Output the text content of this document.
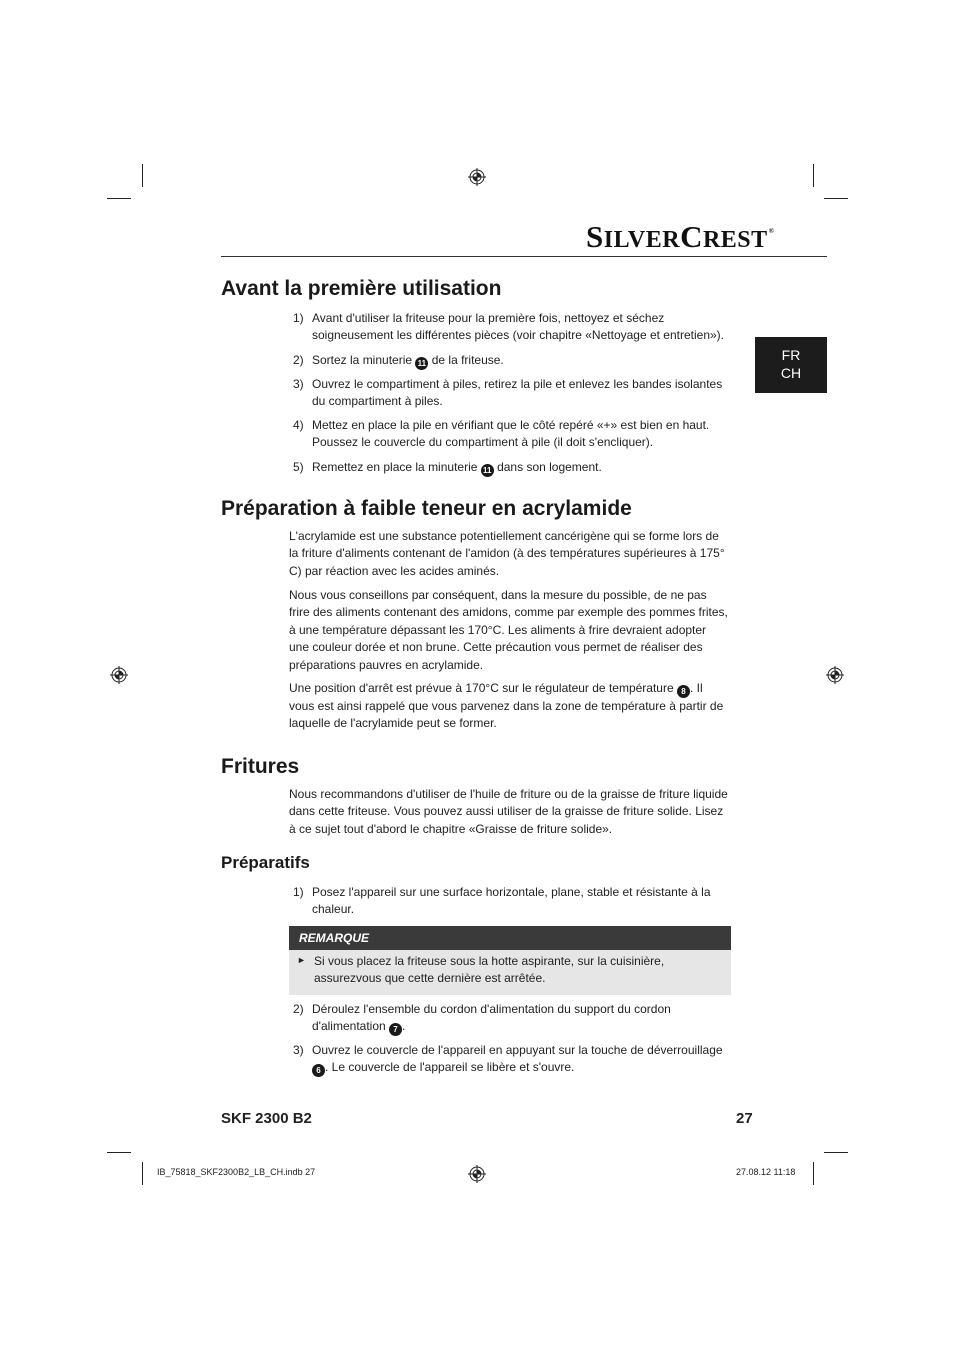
SILVERCREST®
FR
CH
Avant la première utilisation
1) Avant d'utiliser la friteuse pour la première fois, nettoyez et séchez soigneusement les différentes pièces (voir chapitre «Nettoyage et entretien»).
2) Sortez la minuterie 11 de la friteuse.
3) Ouvrez le compartiment à piles, retirez la pile et enlevez les bandes isolantes du compartiment à piles.
4) Mettez en place la pile en vérifiant que le côté repéré «+» est bien en haut. Poussez le couvercle du compartiment à pile (il doit s'encliquer).
5) Remettez en place la minuterie 11 dans son logement.
Préparation à faible teneur en acrylamide
L'acrylamide est une substance potentiellement cancérigène qui se forme lors de la friture d'aliments contenant de l'amidon (à des températures supérieures à 175° C) par réaction avec les acides aminés.
Nous vous conseillons par conséquent, dans la mesure du possible, de ne pas frire des aliments contenant des amidons, comme par exemple des pommes frites, à une température dépassant les 170°C. Les aliments à frire devraient adopter une couleur dorée et non brune. Cette précaution vous permet de réaliser des préparations pauvres en acrylamide.
Une position d'arrêt est prévue à 170°C sur le régulateur de température 8 . Il vous est ainsi rappelé que vous parvenez dans la zone de température à partir de laquelle de l'acrylamide peut se former.
Fritures
Nous recommandons d'utiliser de l'huile de friture ou de la graisse de friture liquide dans cette friteuse. Vous pouvez aussi utiliser de la graisse de friture solide. Lisez à ce sujet tout d'abord le chapitre «Graisse de friture solide».
Préparatifs
1) Posez l'appareil sur une surface horizontale, plane, stable et résistante à la chaleur.
REMARQUE
► Si vous placez la friteuse sous la hotte aspirante, sur la cuisinière, assurezvous que cette dernière est arrêtée.
2) Déroulez l'ensemble du cordon d'alimentation du support du cordon d'alimentation 7 .
3) Ouvrez le couvercle de l'appareil en appuyant sur la touche de déverrouillage 6 . Le couvercle de l'appareil se libère et s'ouvre.
SKF 2300 B2	27
IB_75818_SKF2300B2_LB_CH.indb 27	27.08.12 11:18
